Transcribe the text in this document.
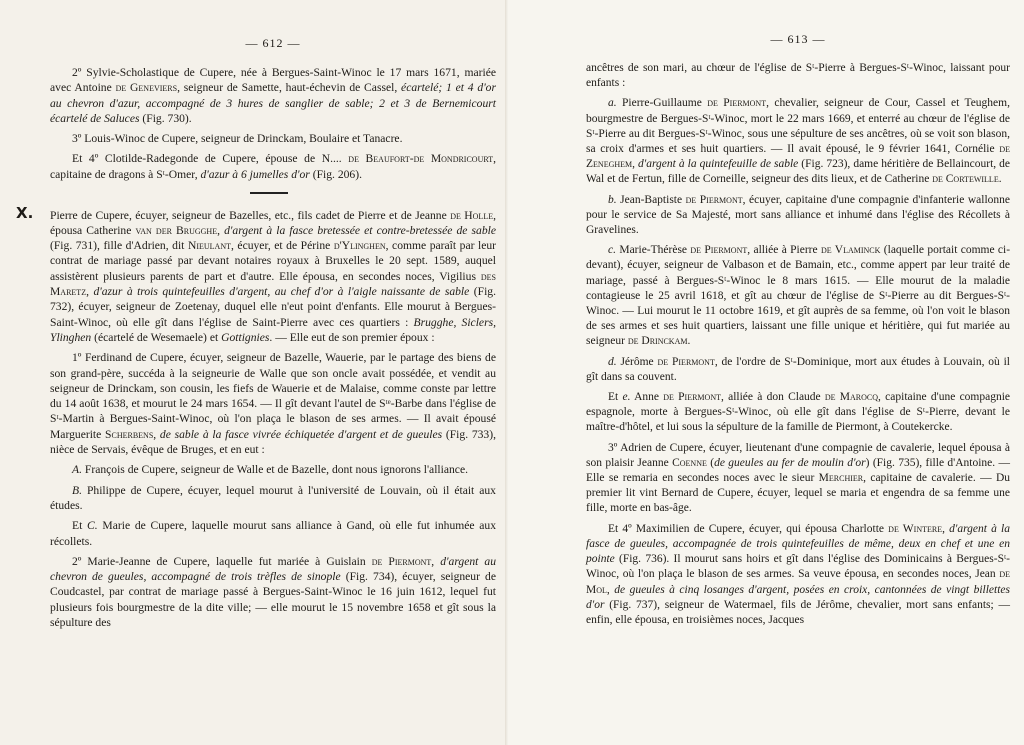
— 612 —

2º Sylvie-Scholastique de Cupere, née à Bergues-Saint-Winoc le 17 mars 1671, mariée avec Antoine de Geneviers, seigneur de Samette, haut-échevin de Cassel, écartelé; 1 et 4 d'or au chevron d'azur, accompagné de 3 hures de sanglier de sable; 2 et 3 de Bernemicourt écartelé de Saluces (Fig. 730).

3º Louis-Winoc de Cupere, seigneur de Drinckam, Boulaire et Tanacre.

Et 4º Clotilde-Radegonde de Cupere, épouse de N.... de Beaufort-de Mondricourt, capitaine de dragons à Sᵗ-Omer, d'azur à 6 jumelles d'or (Fig. 206).

X. Pierre de Cupere, écuyer, seigneur de Bazelles, etc., fils cadet de Pierre et de Jeanne de Holle, épousa Catherine van der Brugghe, d'argent à la fasce bretessée et contre-bretessée de sable (Fig. 731), fille d'Adrien, dit Nieulant, écuyer, et de Périne d'Ylinghen, comme paraît par leur contrat de mariage passé par devant notaires royaux à Bruxelles le 20 sept. 1589, auquel assistèrent plusieurs parents de part et d'autre. Elle épousa, en secondes noces, Vigilius des Maretz, d'azur à trois quintefeuilles d'argent, au chef d'or à l'aigle naissante de sable (Fig. 732), écuyer, seigneur de Zoetenay, duquel elle n'eut point d'enfants. Elle mourut à Bergues-Saint-Winoc, où elle gît dans l'église de Saint-Pierre avec ces quartiers : Brugghe, Siclers, Ylinghen (écartelé de Wesemaele) et Gottignies. — Elle eut de son premier époux :

1º Ferdinand de Cupere, écuyer, seigneur de Bazelle, Wauerie, par le partage des biens de son grand-père, succéda à la seigneurie de Walle que son oncle avait possédée, et vendit au seigneur de Drinckam, son cousin, les fiefs de Wauerie et de Malaise, comme conste par lettre du 14 août 1638, et mourut le 24 mars 1654. — Il gît devant l'autel de Sᵗᵉ-Barbe dans l'église de Sᵗ-Martin à Bergues-Saint-Winoc, où l'on plaça le blason de ses armes. — Il avait épousé Marguerite Scherbens, de sable à la fasce vivrée échiquetée d'argent et de gueules (Fig. 733), nièce de Servais, évêque de Bruges, et en eut :

A. François de Cupere, seigneur de Walle et de Bazelle, dont nous ignorons l'alliance.

B. Philippe de Cupere, écuyer, lequel mourut à l'université de Louvain, où il était aux études.

Et C. Marie de Cupere, laquelle mourut sans alliance à Gand, où elle fut inhumée aux récollets.

2º Marie-Jeanne de Cupere, laquelle fut mariée à Guislain de Piermont, d'argent au chevron de gueules, accompagné de trois trèfles de sinople (Fig. 734), écuyer, seigneur de Coudcastel, par contrat de mariage passé à Bergues-Saint-Winoc le 16 juin 1612, lequel fut plusieurs fois bourgmestre de la dite ville; — elle mourut le 15 novembre 1658 et gît sous la sépulture des

— 613 —

ancêtres de son mari, au chœur de l'église de Sᵗ-Pierre à Bergues-Sᵗ-Winoc, laissant pour enfants :

a. Pierre-Guillaume de Piermont, chevalier, seigneur de Cour, Cassel et Teughem, bourgmestre de Bergues-Sᵗ-Winoc, mort le 22 mars 1669, et enterré au chœur de l'église de Sᵗ-Pierre au dit Bergues-Sᵗ-Winoc, sous une sépulture de ses ancêtres, où se voit son blason, sa croix d'armes et ses huit quartiers. — Il avait épousé, le 9 février 1641, Cornélie de Zeneghem, d'argent à la quintefeuille de sable (Fig. 723), dame héritière de Bellaincourt, de Wal et de Fertun, fille de Corneille, seigneur des dits lieux, et de Catherine de Cortewille.

b. Jean-Baptiste de Piermont, écuyer, capitaine d'une compagnie d'infanterie wallonne pour le service de Sa Majesté, mort sans alliance et inhumé dans l'église des Récollets à Gravelines.

c. Marie-Thérèse de Piermont, alliée à Pierre de Vlaminck (laquelle portait comme ci-devant), écuyer, seigneur de Valbason et de Bamain, etc., comme appert par leur traité de mariage, passé à Bergues-Sᵗ-Winoc le 8 mars 1615. — Elle mourut de la maladie contagieuse le 25 avril 1618, et gît au chœur de l'église de Sᵗ-Pierre au dit Bergues-Sᵗ-Winoc. — Lui mourut le 11 octobre 1619, et gît auprès de sa femme, où l'on voit le blason de ses armes et ses huit quartiers, laissant une fille unique et héritière, qui fut mariée au seigneur de Drinckam.

d. Jérôme de Piermont, de l'ordre de Sᵗ-Dominique, mort aux études à Louvain, où il gît dans sa couvent.

Et e. Anne de Piermont, alliée à don Claude de Marocq, capitaine d'une compagnie espagnole, morte à Bergues-Sᵗ-Winoc, où elle gît dans l'église de Sᵗ-Pierre, devant le maître-d'hôtel, et lui sous la sépulture de la famille de Piermont, à Coutekercke.

3º Adrien de Cupere, écuyer, lieutenant d'une compagnie de cavalerie, lequel épousa à son plaisir Jeanne Coenne (de gueules au fer de moulin d'or) (Fig. 735), fille d'Antoine. — Elle se remaria en secondes noces avec le sieur Merchier, capitaine de cavalerie. — Du premier lit vint Bernard de Cupere, écuyer, lequel se maria et engendra de sa femme une fille, morte en bas-âge.

Et 4º Maximilien de Cupere, écuyer, qui épousa Charlotte de Wintere, d'argent à la fasce de gueules, accompagnée de trois quintefeuilles de même, deux en chef et une en pointe (Fig. 736). Il mourut sans hoirs et gît dans l'église des Dominicains à Bergues-Sᵗ-Winoc, où l'on plaça le blason de ses armes. Sa veuve épousa, en secondes noces, Jean de Mol, de gueules à cinq losanges d'argent, posées en croix, cantonnées de vingt billettes d'or (Fig. 737), seigneur de Watermael, fils de Jérôme, chevalier, mort sans enfants; — enfin, elle épousa, en troisièmes noces, Jacques
